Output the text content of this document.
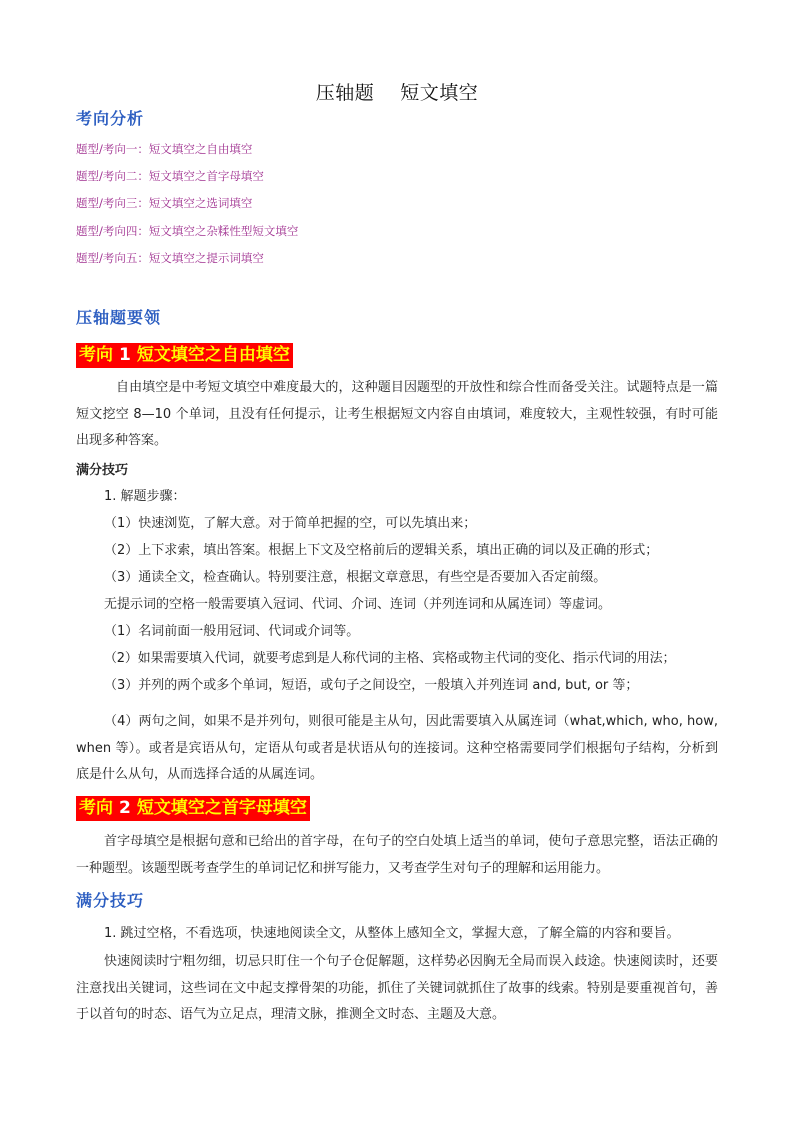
压轴题 短文填空
考向分析
题型/考向一：短文填空之自由填空
题型/考向二：短文填空之首字母填空
题型/考向三：短文填空之选词填空
题型/考向四：短文填空之杂糅性型短文填空
题型/考向五：短文填空之提示词填空
压轴题要领
考向 1 短文填空之自由填空
自由填空是中考短文填空中难度最大的，这种题目因题型的开放性和综合性而备受关注。试题特点是一篇短文挖空 8—10 个单词，且没有任何提示，让考生根据短文内容自由填词，难度较大，主观性较强，有时可能出现多种答案。
满分技巧
1. 解题步骤：
（1）快速浏览，了解大意。对于简单把握的空，可以先填出来；
（2）上下求索，填出答案。根据上下文及空格前后的逻辑关系，填出正确的词以及正确的形式；
（3）通读全文，检查确认。特别要注意，根据文章意思，有些空是否要加入否定前缀。
无提示词的空格一般需要填入冠词、代词、介词、连词（并列连词和从属连词）等虚词。
（1）名词前面一般用冠词、代词或介词等。
（2）如果需要填入代词，就要考虑到是人称代词的主格、宾格或物主代词的变化、指示代词的用法；
（3）并列的两个或多个单词，短语，或句子之间设空，一般填入并列连词 and, but, or 等；
（4）两句之间，如果不是并列句，则很可能是主从句，因此需要填入从属连词（what,which, who, how, when 等）。或者是宾语从句，定语从句或者是状语从句的连接词。这种空格需要同学们根据句子结构，分析到底是什么从句，从而选择合适的从属连词。
考向 2 短文填空之首字母填空
首字母填空是根据句意和已给出的首字母，在句子的空白处填上适当的单词，使句子意思完整，语法正确的一种题型。该题型既考查学生的单词记忆和拼写能力，又考查学生对句子的理解和运用能力。
满分技巧
1. 跳过空格，不看选项，快速地阅读全文，从整体上感知全文，掌握大意，了解全篇的内容和要旨。
快速阅读时宁粗勿细，切忌只盯住一个句子仓促解题，这样势必因胸无全局而误入歧途。快速阅读时，还要注意找出关键词，这些词在文中起支撑骨架的功能，抓住了关键词就抓住了故事的线索。特别是要重视首句，善于以首句的时态、语气为立足点，理清文脉，推测全文时态、主题及大意。
